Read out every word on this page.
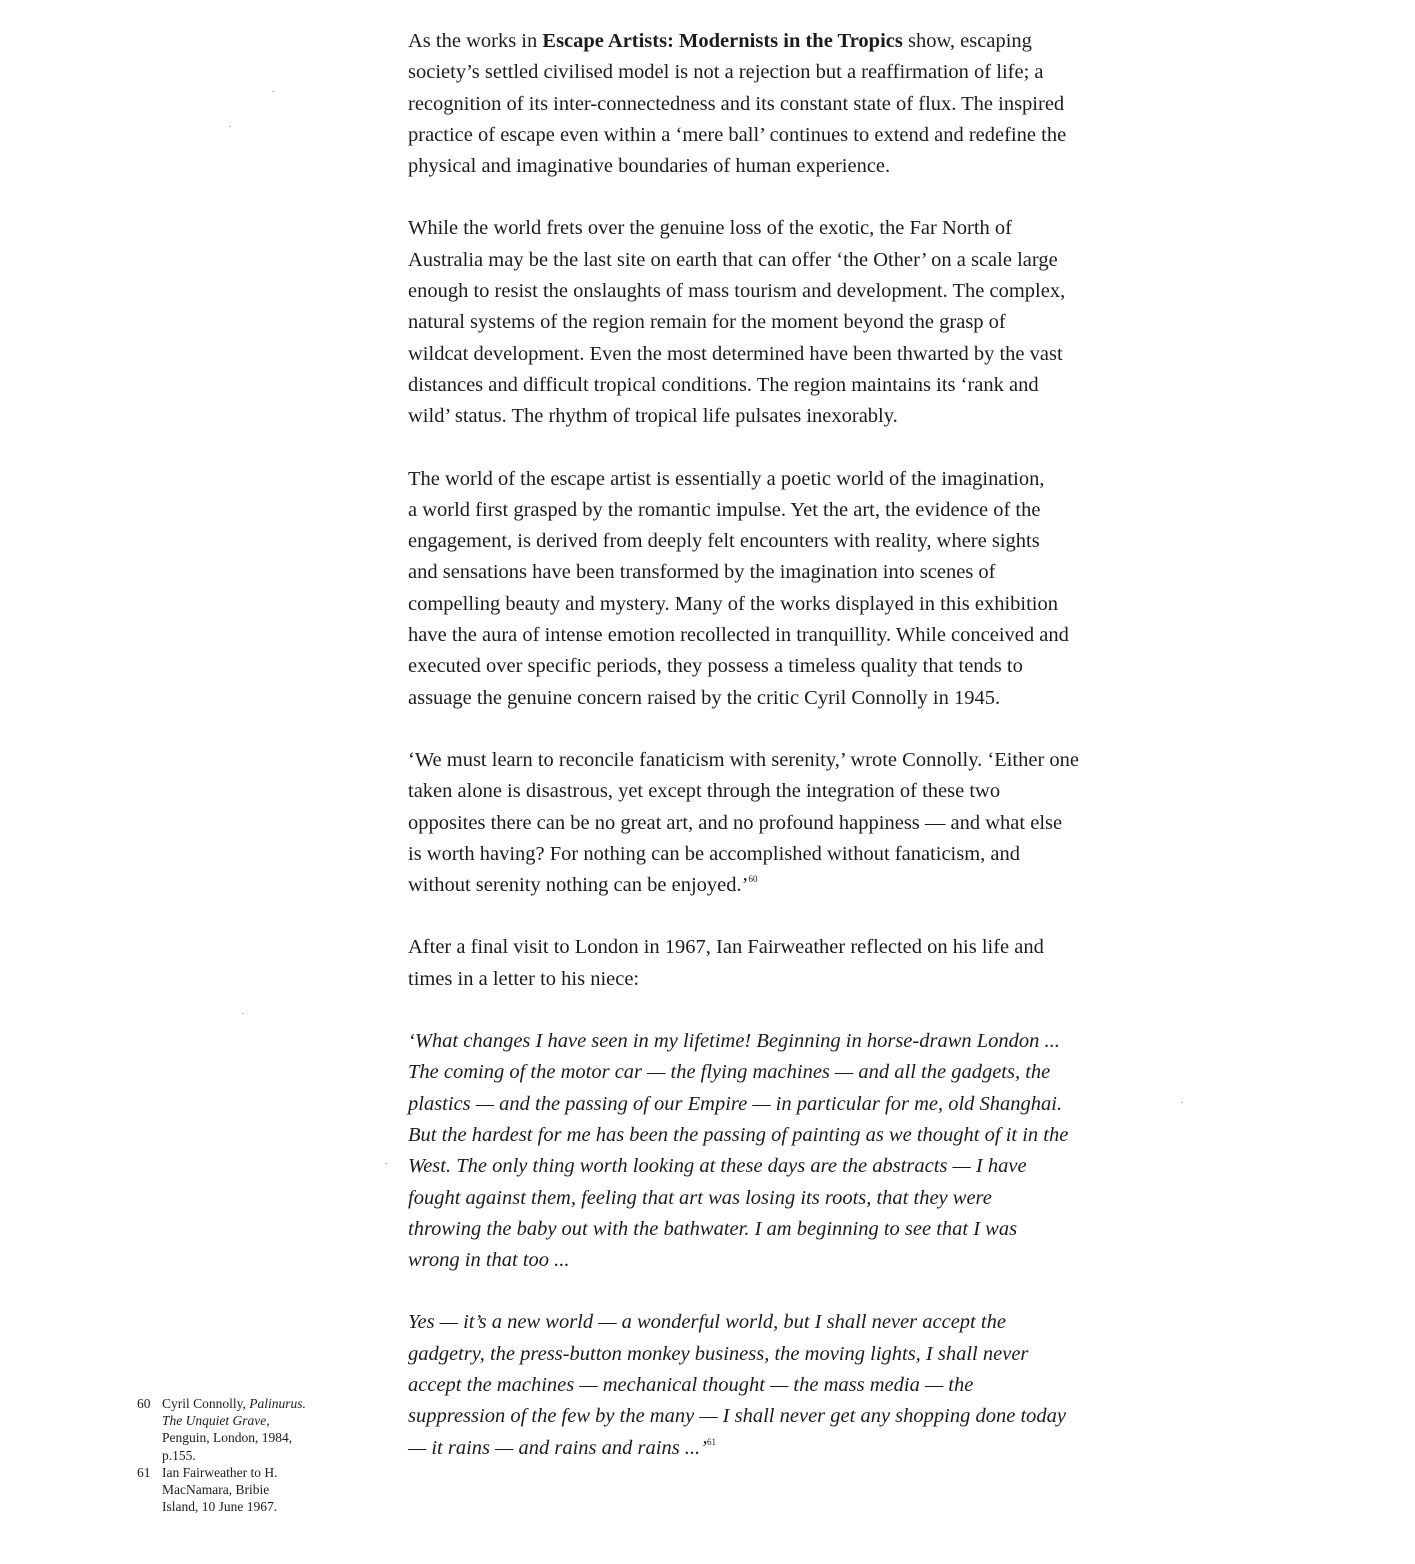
As the works in Escape Artists: Modernists in the Tropics show, escaping
society’s settled civilised model is not a rejection but a reaffirmation of life; a
recognition of its inter-connectedness and its constant state of flux. The inspired
practice of escape even within a ‘mere ball’ continues to extend and redefine the
physical and imaginative boundaries of human experience.

While the world frets over the genuine loss of the exotic, the Far North of
Australia may be the last site on earth that can offer ‘the Other’ on a scale large
enough to resist the onslaughts of mass tourism and development. The complex,
natural systems of the region remain for the moment beyond the grasp of
wildcat development. Even the most determined have been thwarted by the vast
distances and difficult tropical conditions. The region maintains its ‘rank and
wild’ status. The rhythm of tropical life pulsates inexorably.

The world of the escape artist is essentially a poetic world of the imagination,
a world first grasped by the romantic impulse. Yet the art, the evidence of the
engagement, is derived from deeply felt encounters with reality, where sights
and sensations have been transformed by the imagination into scenes of
compelling beauty and mystery. Many of the works displayed in this exhibition
have the aura of intense emotion recollected in tranquillity. While conceived and
executed over specific periods, they possess a timeless quality that tends to
assuage the genuine concern raised by the critic Cyril Connolly in 1945.

‘We must learn to reconcile fanaticism with serenity,’ wrote Connolly. ‘Either one
taken alone is disastrous, yet except through the integration of these two
opposites there can be no great art, and no profound happiness — and what else
is worth having? For nothing can be accomplished without fanaticism, and
without serenity nothing can be enjoyed.’$^{60}$

After a final visit to London in 1967, Ian Fairweather reflected on his life and
times in a letter to his niece:

‘What changes I have seen in my lifetime! Beginning in horse-drawn London ...
The coming of the motor car — the flying machines — and all the gadgets, the
plastics — and the passing of our Empire — in particular for me, old Shanghai.
But the hardest for me has been the passing of painting as we thought of it in the
West. The only thing worth looking at these days are the abstracts — I have
fought against them, feeling that art was losing its roots, that they were
throwing the baby out with the bathwater. I am beginning to see that I was
wrong in that too ...

Yes — it’s a new world — a wonderful world, but I shall never accept the
gadgetry, the press-button monkey business, the moving lights, I shall never
accept the machines — mechanical thought — the mass media — the
suppression of the few by the many — I shall never get any shopping done today
— it rains — and rains and rains ...’$^{61}$

60 Cyril Connolly, Palinurus.
The Unquiet Grave,
Penguin, London, 1984,
p.155.
61 Ian Fairweather to H.
MacNamara, Bribie
Island, 10 June 1967.
